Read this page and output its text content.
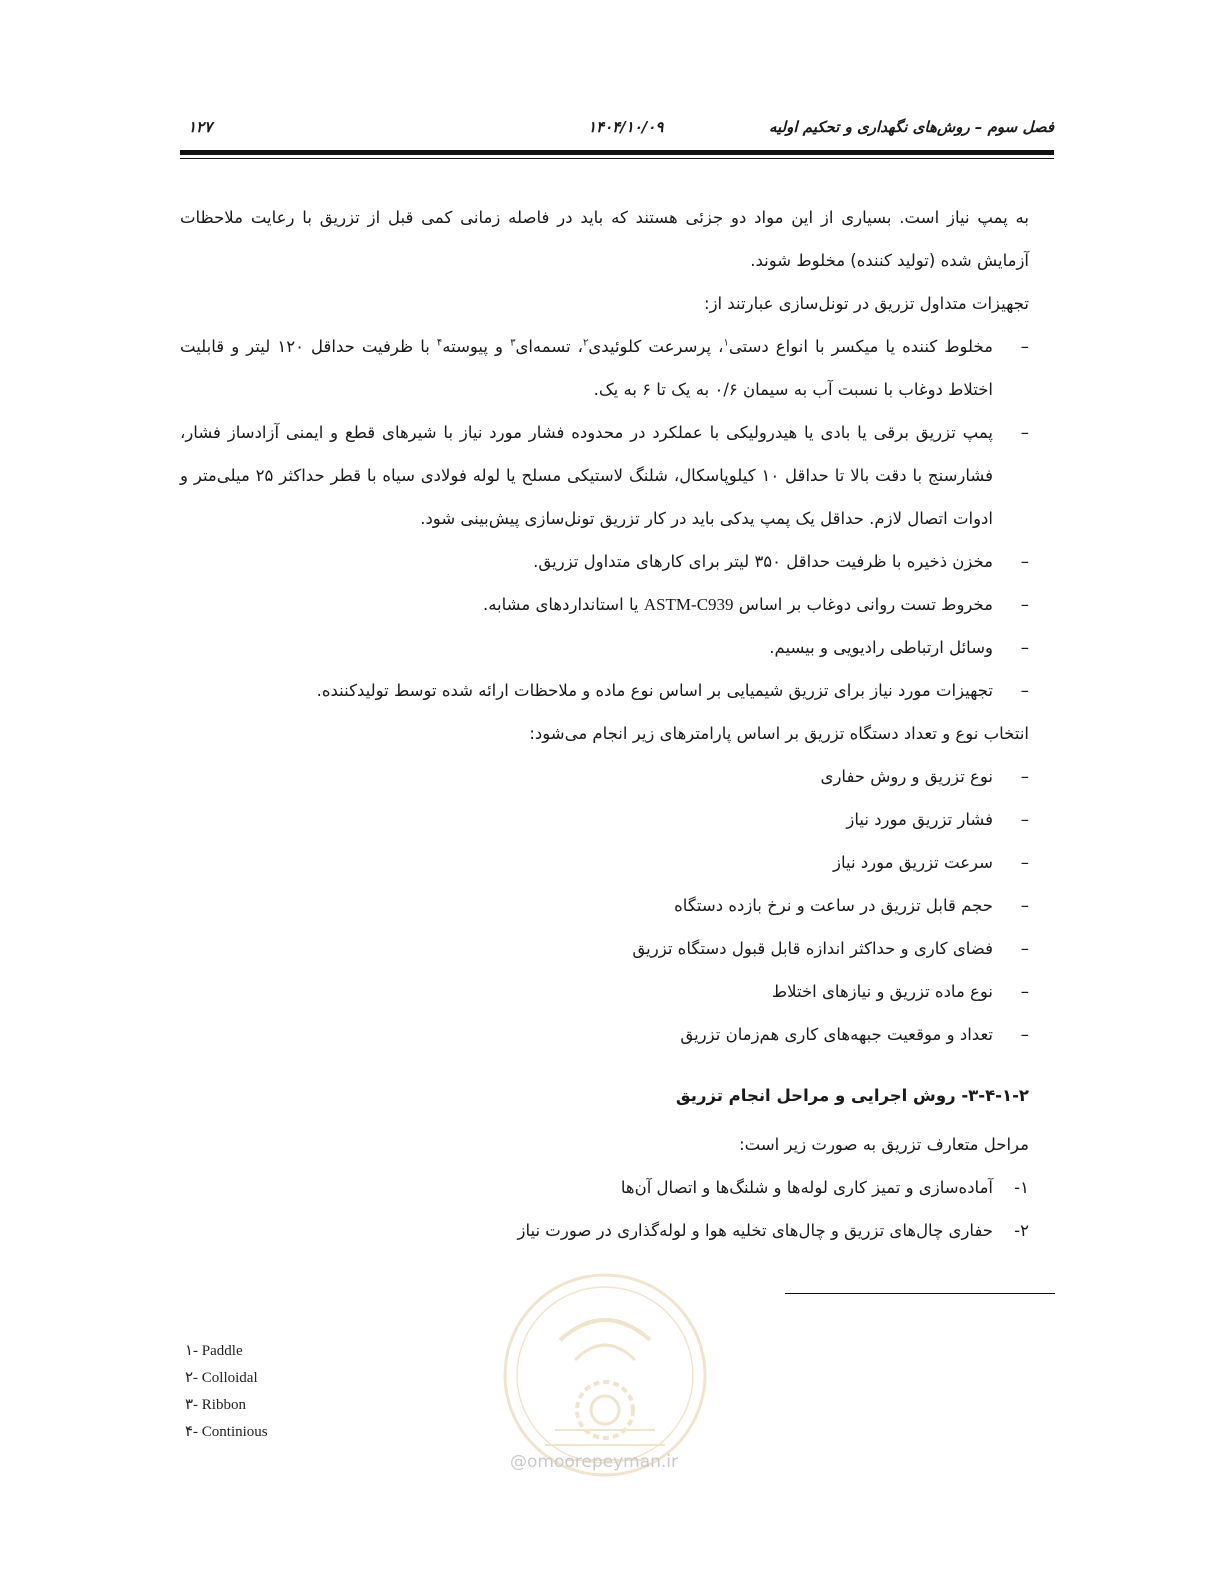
فصل سوم – روش‌های نگهداری و تحکیم اولیه
۱۴۰۴/۱۰/۰۹
۱۲۷

به پمپ نیاز است. بسیاری از این مواد دو جزئی هستند که باید در فاصله زمانی کمی قبل از تزریق با رعایت ملاحظات آزمایش شده (تولید کننده) مخلوط شوند.

تجهیزات متداول تزریق در تونل‌سازی عبارتند از:

–
مخلوط کننده یا میکسر با انواع دستی$^۱$، پرسرعت کلوئیدی$^۲$، تسمه‌ای$^۳$ و پیوسته$^۴$ با ظرفیت حداقل ۱۲۰ لیتر و قابلیت اختلاط دوغاب با نسبت آب به سیمان ۰/۶ به یک تا ۶ به یک.

–
پمپ تزریق برقی یا بادی یا هیدرولیکی با عملکرد در محدوده فشار مورد نیاز با شیرهای قطع و ایمنی آزادساز فشار، فشارسنج با دقت بالا تا حداقل ۱۰ کیلوپاسکال، شلنگ لاستیکی مسلح یا لوله فولادی سیاه با قطر حداکثر ۲۵ میلی‌متر و ادوات اتصال لازم. حداقل یک پمپ یدکی باید در کار تزریق تونل‌سازی پیش‌بینی شود.

–
مخزن ذخیره با ظرفیت حداقل ۳۵۰ لیتر برای کارهای متداول تزریق.

–
مخروط تست روانی دوغاب بر اساس ASTM-C939 یا استانداردهای مشابه.

–
وسائل ارتباطی رادیویی و بیسیم.

–
تجهیزات مورد نیاز برای تزریق شیمیایی بر اساس نوع ماده و ملاحظات ارائه شده توسط تولیدکننده.

انتخاب نوع و تعداد دستگاه تزریق بر اساس پارامترهای زیر انجام می‌شود:

–
نوع تزریق و روش حفاری

–
فشار تزریق مورد نیاز

–
سرعت تزریق مورد نیاز

–
حجم قابل تزریق در ساعت و نرخ بازده دستگاه

–
فضای کاری و حداکثر اندازه قابل قبول دستگاه تزریق

–
نوع ماده تزریق و نیازهای اختلاط

–
تعداد و موقعیت جبهه‌های کاری هم‌زمان تزریق

۳-۴-۱-۲- روش اجرایی و مراحل انجام تزریق

مراحل متعارف تزریق به صورت زیر است:

۱-
آماده‌سازی و تمیز کاری لوله‌ها و شلنگ‌ها و اتصال آن‌ها

۲-
حفاری چال‌های تزریق و چال‌های تخلیه هوا و لوله‌گذاری در صورت نیاز

@omoorepeyman.ir
۱- Paddle
۲- Colloidal
۳- Ribbon
۴- Continious
